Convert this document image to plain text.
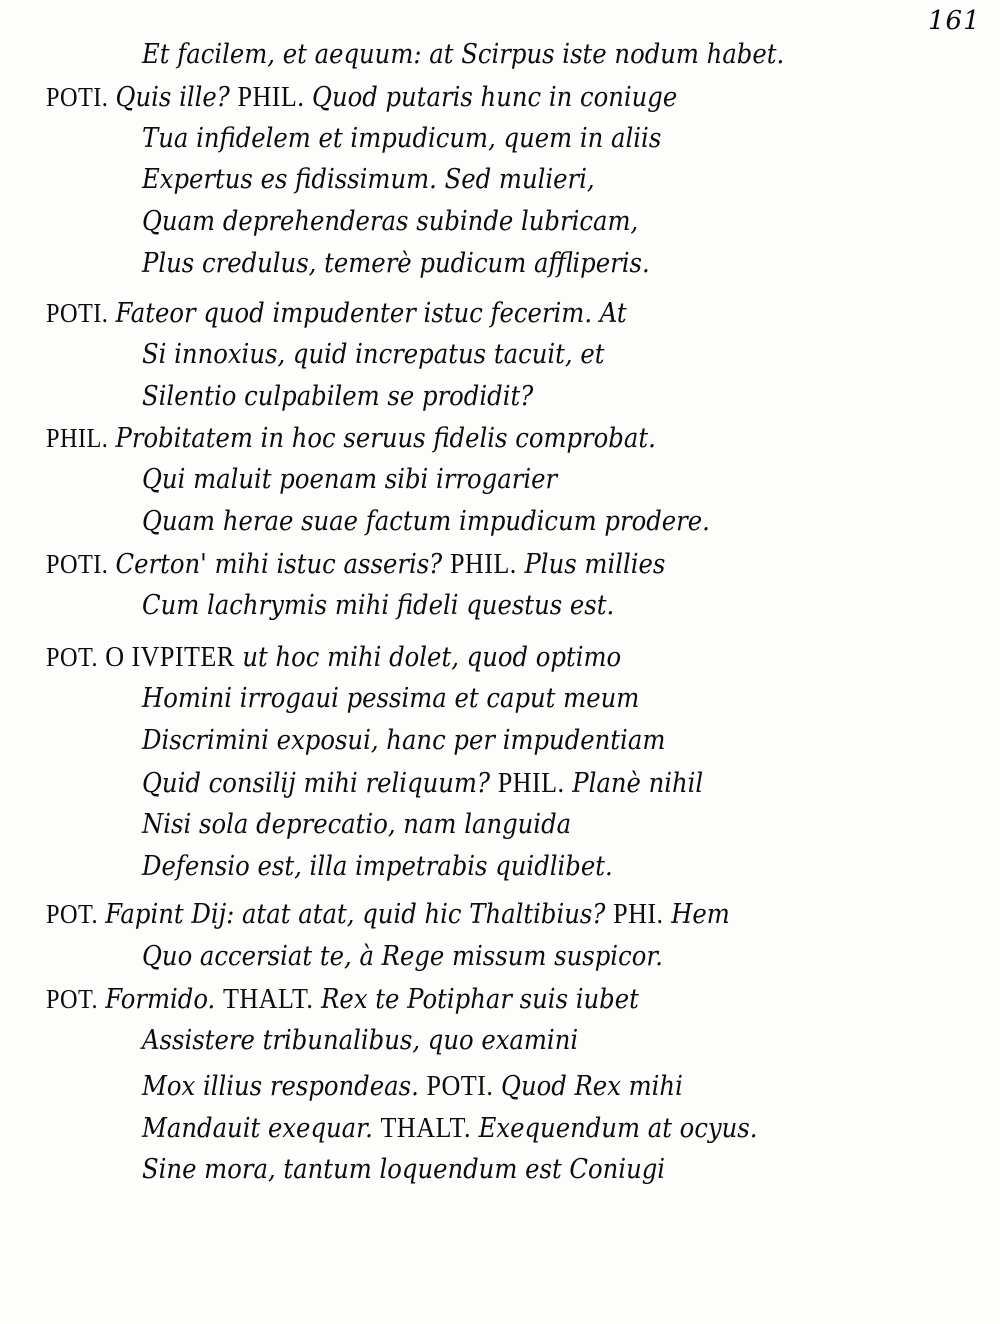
161
Et facilem, et aequum: at Scirpus iste nodum habet.
POTI. Quis ille? PHIL. Quod putaris hunc in coniuge
Tua infidelem et impudicum, quem in aliis
Expertus es fidissimum. Sed mulieri,
Quam deprehenderas subinde lubricam,
Plus credulus, temerè pudicum affliperis.
POTI. Fateor quod impudenter istuc fecerim. At
Si innoxius, quid increpatus tacuit, et
Silentio culpabilem se prodidit?
PHIL. Probitatem in hoc seruus fidelis comprobat.
Qui maluit poenam sibi irrogarier
Quam herae suae factum impudicum prodere.
POTI. Certon' mihi istuc asseris? PHIL. Plus millies
Cum lachrymis mihi fideli questus est.
POT. O IVPITER ut hoc mihi dolet, quod optimo
Homini irrogaui pessima et caput meum
Discrimini exposui, hanc per impudentiam
Quid consilij mihi reliquum? PHIL. Planè nihil
Nisi sola deprecatio, nam languida
Defensio est, illa impetrabis quidlibet.
POT. Fapint Dij: atat atat, quid hic Thaltibius? PHI. Hem
Quo accersiat te, à Rege missum suspicor.
POT. Formido. THALT. Rex te Potiphar suis iubet
Assistere tribunalibus, quo examini
Mox illius respondeas. POTI. Quod Rex mihi
Mandauit exequar. THALT. Exequendum at ocyus.
Sine mora, tantum loquendum est Coniugi
